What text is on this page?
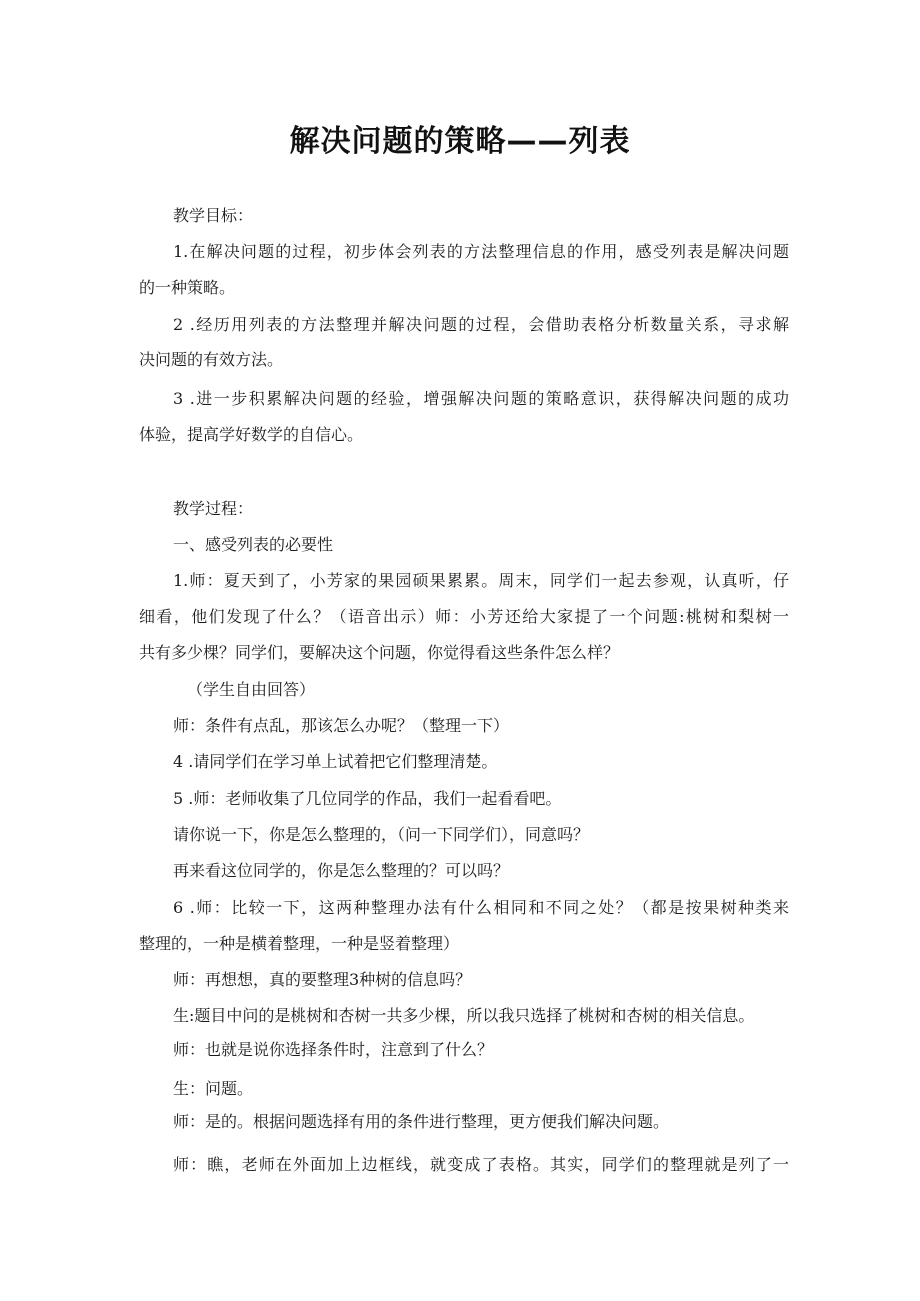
解决问题的策略——列表

教学目标：

1.在解决问题的过程，初步体会列表的方法整理信息的作用，感受列表是解决问题

的一种策略。

2 .经历用列表的方法整理并解决问题的过程，会借助表格分析数量关系，寻求解

决问题的有效方法。

3 .进一步积累解决问题的经验，增强解决问题的策略意识，获得解决问题的成功

体验，提高学好数学的自信心。

教学过程：

一、感受列表的必要性

1.师：夏天到了，小芳家的果园硕果累累。周末，同学们一起去参观，认真听，仔

细看，他们发现了什么？（语音出示）师：小芳还给大家提了一个问题:桃树和梨树一

共有多少棵？同学们，要解决这个问题，你觉得看这些条件怎么样？

（学生自由回答）

师：条件有点乱，那该怎么办呢？（整理一下）

4 .请同学们在学习单上试着把它们整理清楚。

5 .师：老师收集了几位同学的作品，我们一起看看吧。

请你说一下，你是怎么整理的，（问一下同学们），同意吗？

再来看这位同学的，你是怎么整理的？可以吗？

6 .师：比较一下，这两种整理办法有什么相同和不同之处？（都是按果树种类来

整理的，一种是横着整理，一种是竖着整理）

师：再想想，真的要整理3种树的信息吗？

生:题目中问的是桃树和杏树一共多少棵，所以我只选择了桃树和杏树的相关信息。

师：也就是说你选择条件时，注意到了什么？

生：问题。

师：是的。根据问题选择有用的条件进行整理，更方便我们解决问题。

师：瞧，老师在外面加上边框线，就变成了表格。其实，同学们的整理就是列了一
